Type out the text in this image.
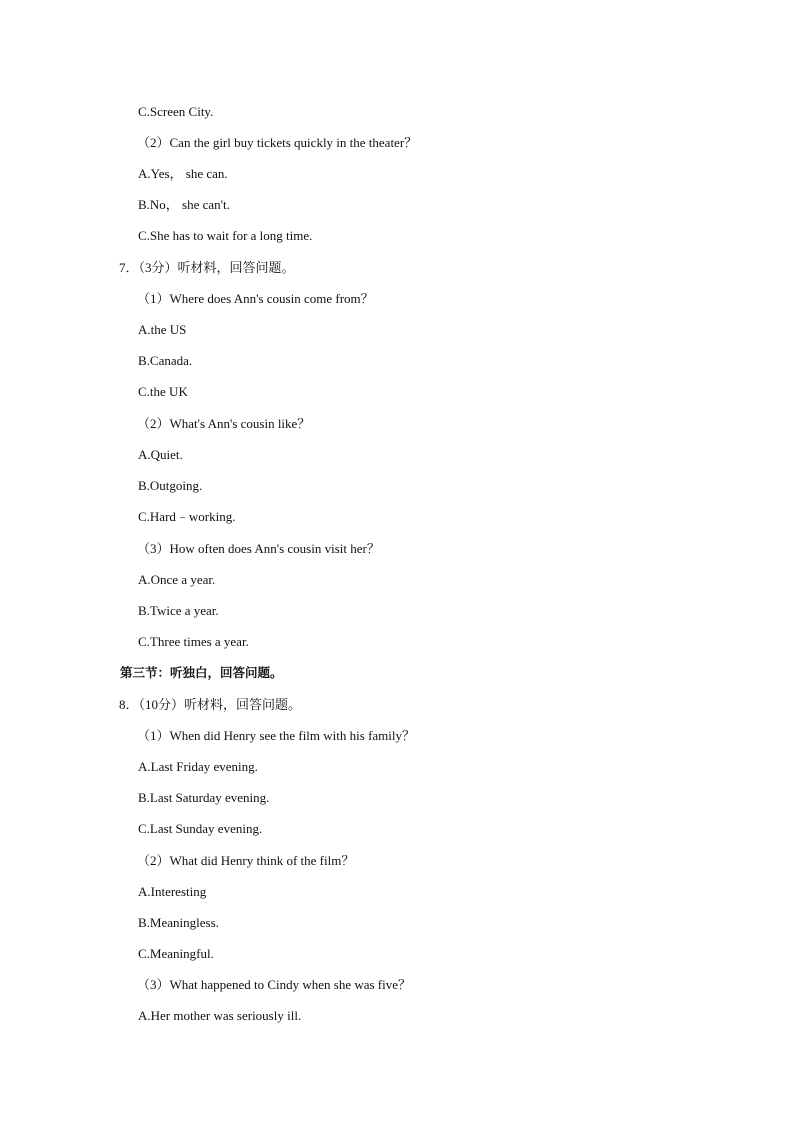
C.Screen City.
（2）Can the girl buy tickets quickly in the theater？
A.Yes， she can.
B.No， she can't.
C.She has to wait for a long time.
7．（3分）听材料，回答问题。
（1）Where does Ann's cousin come from？
A.the US
B.Canada.
C.the UK
（2）What's Ann's cousin like？
A.Quiet.
B.Outgoing.
C.Hard﹣working.
（3）How often does Ann's cousin visit her？
A.Once a year.
B.Twice a year.
C.Three times a year.
第三节：听独白，回答问题。
8．（10分）听材料，回答问题。
（1）When did Henry see the film with his family？
A.Last Friday evening.
B.Last Saturday evening.
C.Last Sunday evening.
（2）What did Henry think of the film？
A.Interesting
B.Meaningless.
C.Meaningful.
（3）What happened to Cindy when she was five？
A.Her mother was seriously ill.
